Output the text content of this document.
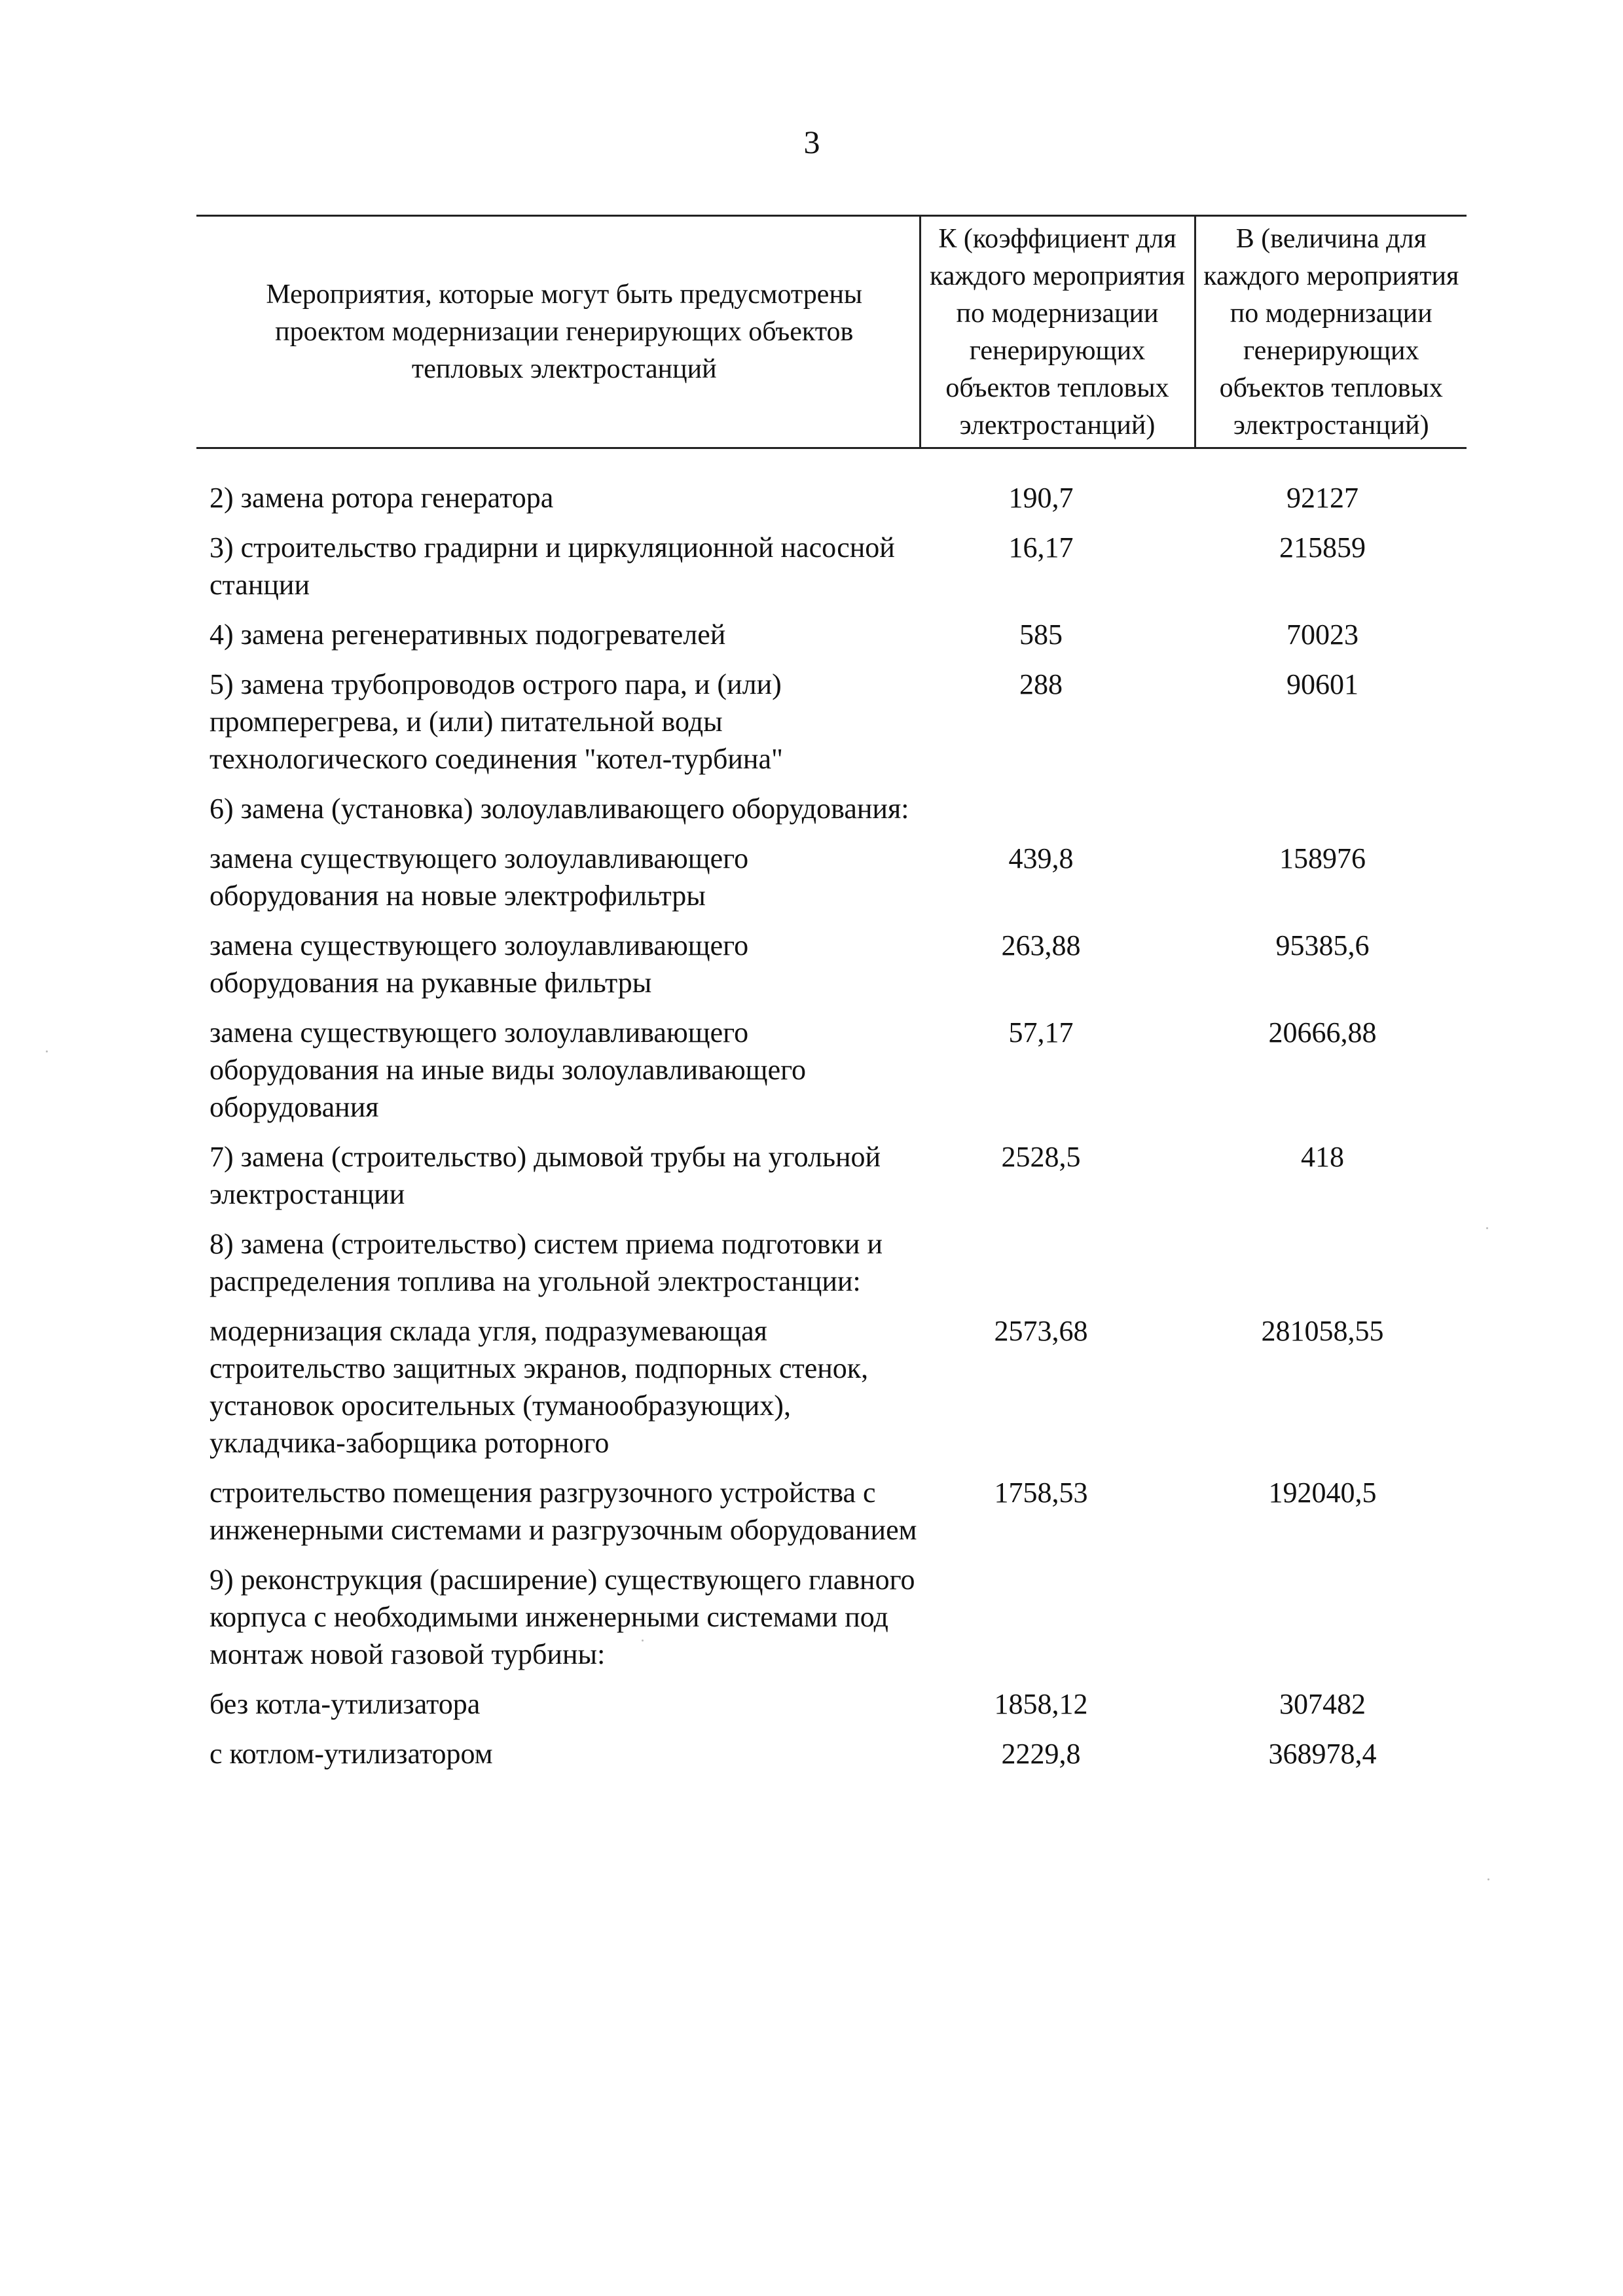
3
Мероприятия, которые могут быть предусмотрены проектом модернизации генерирующих объектов тепловых электростанций	К (коэффициент для каждого мероприятия по модернизации генерирующих объектов тепловых электростанций)	В (величина для каждого мероприятия по модернизации генерирующих объектов тепловых электростанций)

2) замена ротора генератора	190,7	92127
3) строительство градирни и циркуляционной насосной станции	16,17	215859
4) замена регенеративных подогревателей	585	70023
5) замена трубопроводов острого пара, и (или) промперегрева, и (или) питательной воды технологического соединения "котел-турбина"	288	90601
6) замена (установка) золоулавливающего оборудования:		
замена существующего золоулавливающего оборудования на новые электрофильтры	439,8	158976
замена существующего золоулавливающего оборудования на рукавные фильтры	263,88	95385,6
замена существующего золоулавливающего оборудования на иные виды золоулавливающего оборудования	57,17	20666,88
7) замена (строительство) дымовой трубы на угольной электростанции	2528,5	418
8) замена (строительство) систем приема подготовки и распределения топлива на угольной электростанции:		
модернизация склада угля, подразумевающая строительство защитных экранов, подпорных стенок, установок оросительных (туманообразующих), укладчика-заборщика роторного	2573,68	281058,55
строительство помещения разгрузочного устройства с инженерными системами и разгрузочным оборудованием	1758,53	192040,5
9) реконструкция (расширение) существующего главного корпуса с необходимыми инженерными системами под монтаж новой газовой турбины:		
без котла-утилизатора	1858,12	307482
с котлом-утилизатором	2229,8	368978,4
